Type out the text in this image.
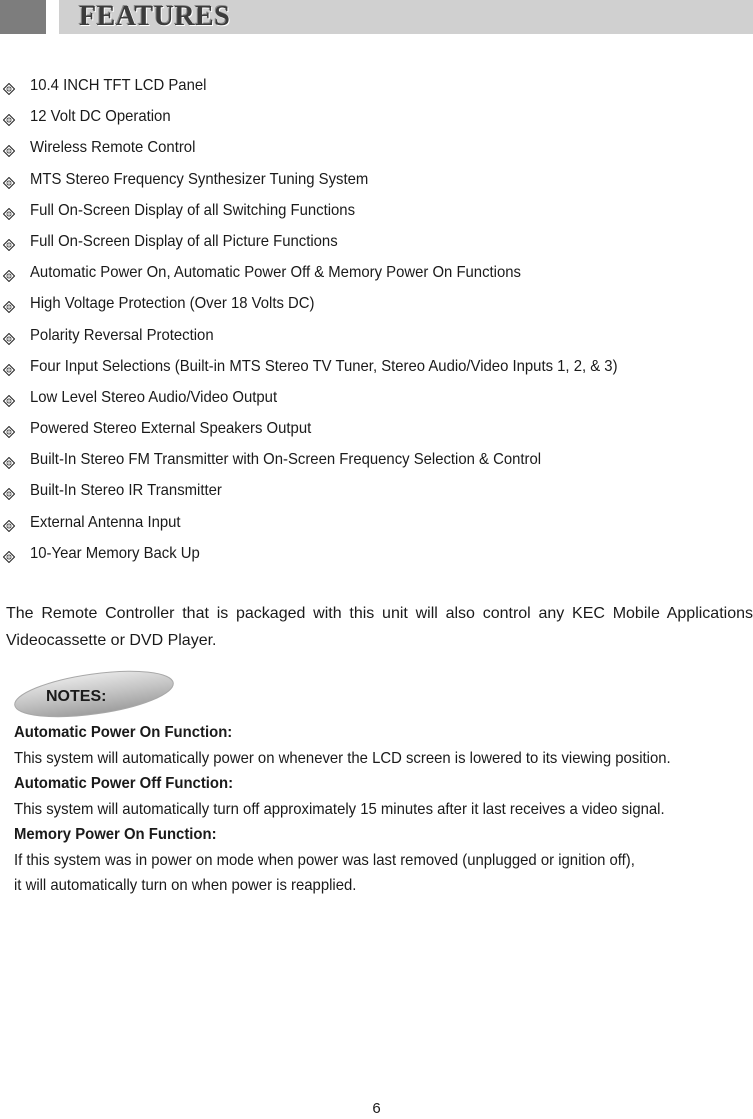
FEATURES
10.4 INCH TFT LCD Panel
12 Volt DC Operation
Wireless Remote Control
MTS Stereo Frequency Synthesizer Tuning System
Full On-Screen Display of all Switching Functions
Full On-Screen Display of all Picture Functions
Automatic Power On, Automatic Power Off & Memory Power On Functions
High Voltage Protection (Over 18 Volts DC)
Polarity Reversal Protection
Four Input Selections (Built-in MTS Stereo TV Tuner, Stereo Audio/Video Inputs 1, 2, & 3)
Low Level Stereo Audio/Video Output
Powered Stereo External Speakers Output
Built-In Stereo FM Transmitter with On-Screen Frequency Selection & Control
Built-In Stereo IR Transmitter
External Antenna Input
10-Year Memory Back Up

The Remote Controller that is packaged with this unit will also control any KEC Mobile Applications Videocassette or DVD Player.

NOTES:
Automatic Power On Function:
This system will automatically power on whenever the LCD screen is lowered to its viewing position.
Automatic Power Off Function:
This system will automatically turn off approximately 15 minutes after it last receives a video signal.
Memory Power On Function:
If this system was in power on mode when power was last removed (unplugged or ignition off),
it will automatically turn on when power is reapplied.
6
